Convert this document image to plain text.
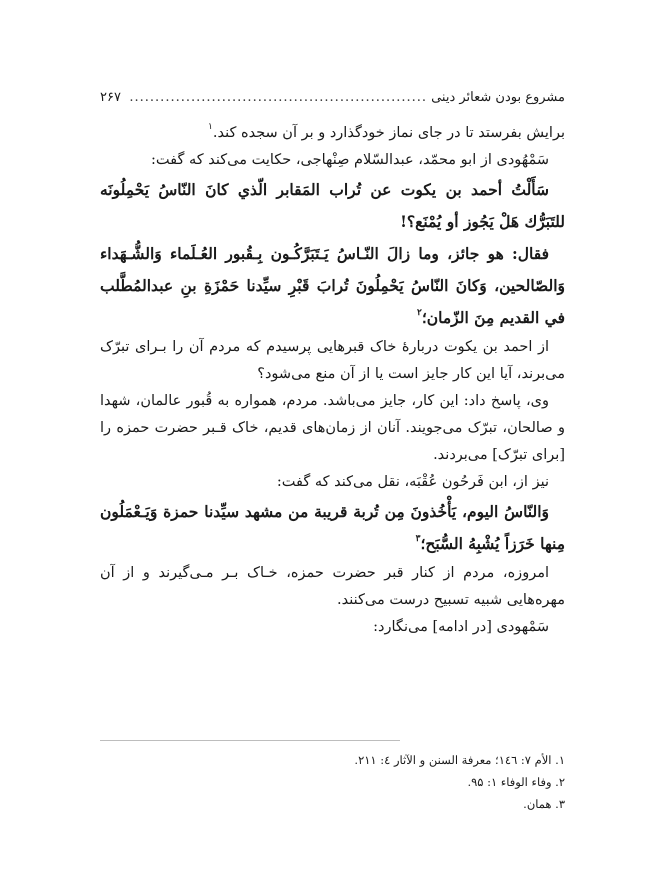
مشروع بودن شعائر دینی
..........................................................
۲۶۷

برایش بفرستد تا در جای نماز خودگذارد و بر آن سجده کند.$^۱$

سَمْهُودی از ابو محمّد، عبدالسّلام صِنْهاجی، حکایت می‌کند که گفت:

سَأَلْتُ أحمد بن يكوت عن تُراب المَقابر الّذي كانَ النّاسُ يَحْمِلُونَه للتَبَرُّك هَلْ يَجُوز أو يُمْنَع؟!

فقال: هو جائز، وما زالَ النّـاسُ يَـتَبَرَّكُـون بِـقُبور العُـلَماء وَالشُّـهَداء وَالصّالحين، وَكانَ النّاسُ يَحْمِلُونَ تُرابَ قَبْرِ سيِّدنا حَمْزَةِ بنِ عبدالمُطَّلب في القديم مِنَ الزّمان؛$^۲$

از احمد بن یکوت دربارهٔ خاک قبرهایی پرسیدم که مردم آن را بـرای تبرّک می‌برند، آیا این کار جایز است یا از آن منع می‌شود؟

وی، پاسخ داد: این کار، جایز می‌باشد. مردم، همواره به قُبور عالمان، شهدا و صالحان، تبرّک می‌جویند. آنان از زمان‌های قدیم، خاک قـبر حضرت حمزه را [برای تبرّک] می‌بردند.

نیز از، ابن فَرحُون عُقْبَه، نقل می‌کند که گفت:

وَالنّاسُ اليوم، يَأْخُذونَ مِن تُربة قريبة من مشهد سيِّدنا حمزة وَيَـعْمَلُون مِنها خَرَزاً يُشْبِهُ السُّبَح؛$^۳$

امروزه، مردم از کنار قبر حضرت حمزه، خـاک بـر مـی‌گیرند و از آن مهره‌هایی شبیه تسبیح درست می‌کنند.

سَمْهودی [در ادامه] می‌نگارد:

۱. الأم ۷: ۱٤٦؛ معرفة السنن و الآثار ٤: ۲۱۱.

۲. وفاء الوفاء ۱: ۹۵.

۳. همان.
